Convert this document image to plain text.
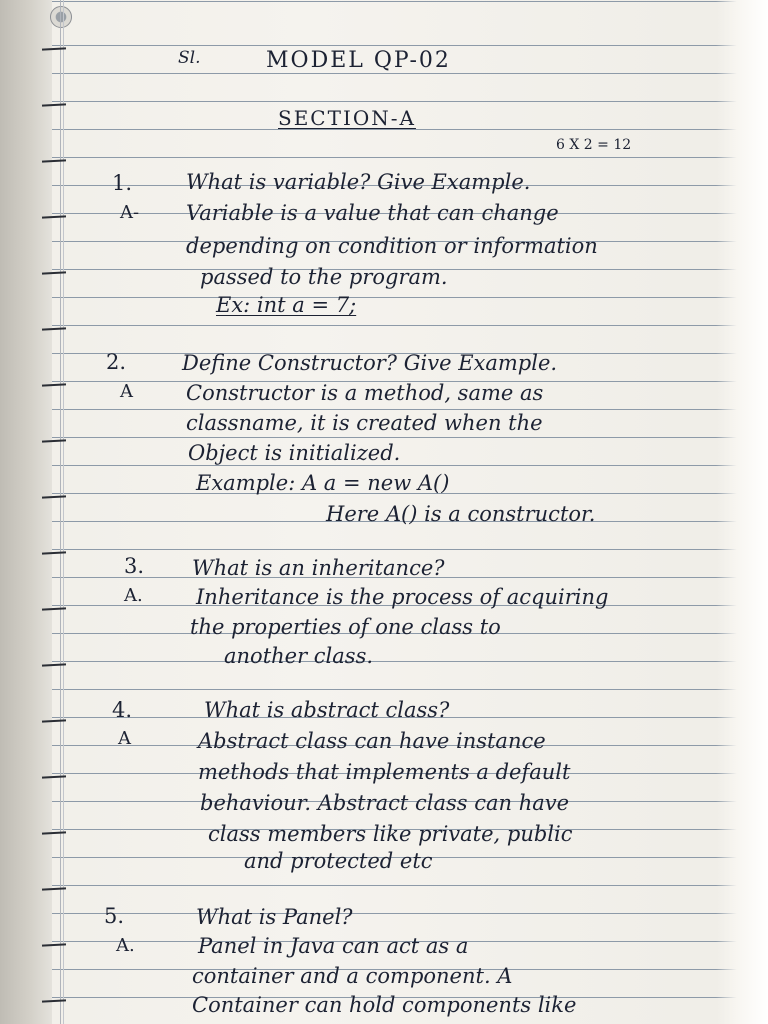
Sl.	MODEL QP-02
SECTION-A
6 X 2 = 12
1.	What is variable? Give Example.
A- Variable is a value that can change
depending on condition or information
passed to the program.
Ex: int a = 7;
2.	Define Constructor? Give Example.
A	Constructor is a method, same as
classname, it is created when the
Object is initialized.
Example: A a = new A()
Here A() is a constructor.
3. What is an inheritance?
A.	Inheritance is the process of acquiring
the properties of one class to
another class.
4.	What is abstract class?
A	Abstract class can have instance
methods that implements a default
behaviour. Abstract class can have
class members like private, public
and protected etc
5.	What is Panel?
A.	Panel in Java can act as a
container and a component. A
Container can hold components like
